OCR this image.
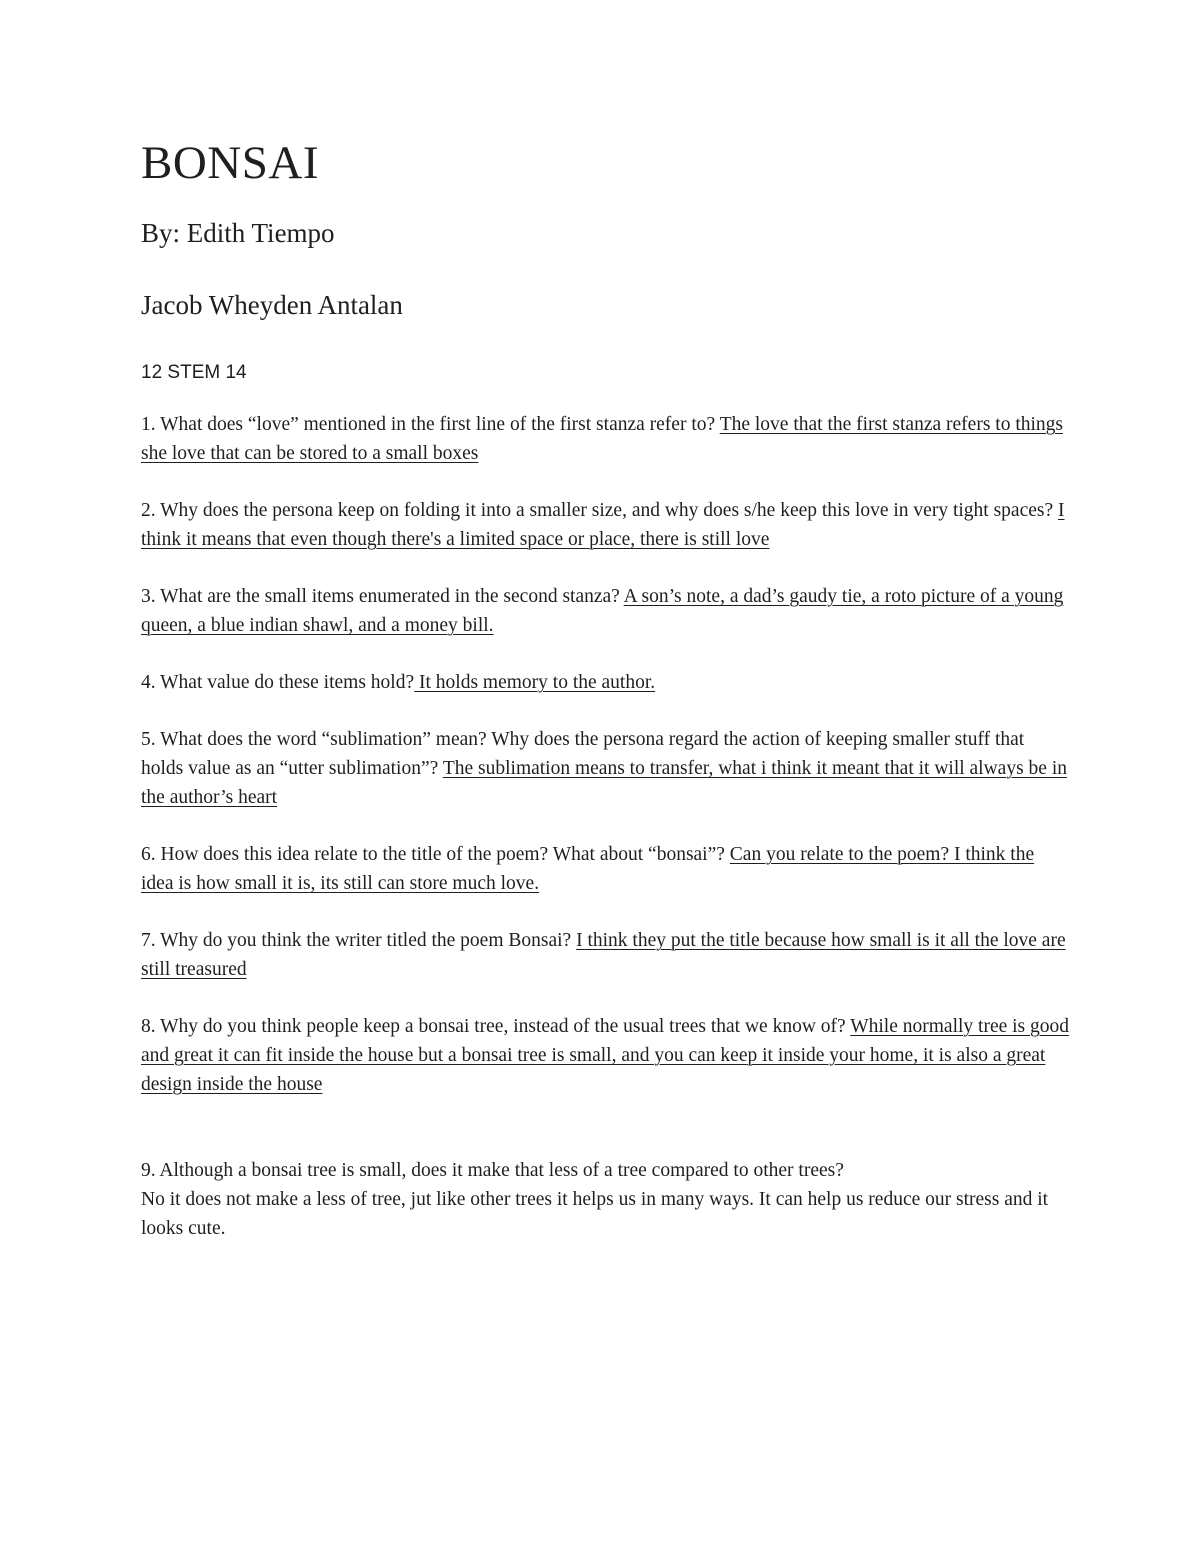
BONSAI

By: Edith Tiempo

Jacob Wheyden Antalan

12 STEM 14

1. What does “love” mentioned in the first line of the first stanza refer to? The love that the first stanza refers to things she love that can be stored to a small boxes

2. Why does the persona keep on folding it into a smaller size, and why does s/he keep this love in very tight spaces? I think it means that even though there's a limited space or place, there is still love

3. What are the small items enumerated in the second stanza? A son’s note, a dad’s gaudy tie, a roto picture of a young queen, a blue indian shawl, and a money bill.

4. What value do these items hold? It holds memory to the author.

5. What does the word “sublimation” mean? Why does the persona regard the action of keeping smaller stuff that holds value as an “utter sublimation”? The sublimation means to transfer, what i think it meant that it will always be in the author’s heart

6. How does this idea relate to the title of the poem? What about “bonsai”? Can you relate to the poem? I think the idea is how small it is, its still can store much love.

7. Why do you think the writer titled the poem Bonsai? I think they put the title because how small is it all the love are still treasured

8. Why do you think people keep a bonsai tree, instead of the usual trees that we know of? While normally tree is good and great it can fit inside the house but a bonsai tree is small, and you can keep it inside your home, it is also a great design inside the house

9. Although a bonsai tree is small, does it make that less of a tree compared to other trees?
No it does not make a less of tree, jut like other trees it helps us in many ways. It can help us reduce our stress and it looks cute.
